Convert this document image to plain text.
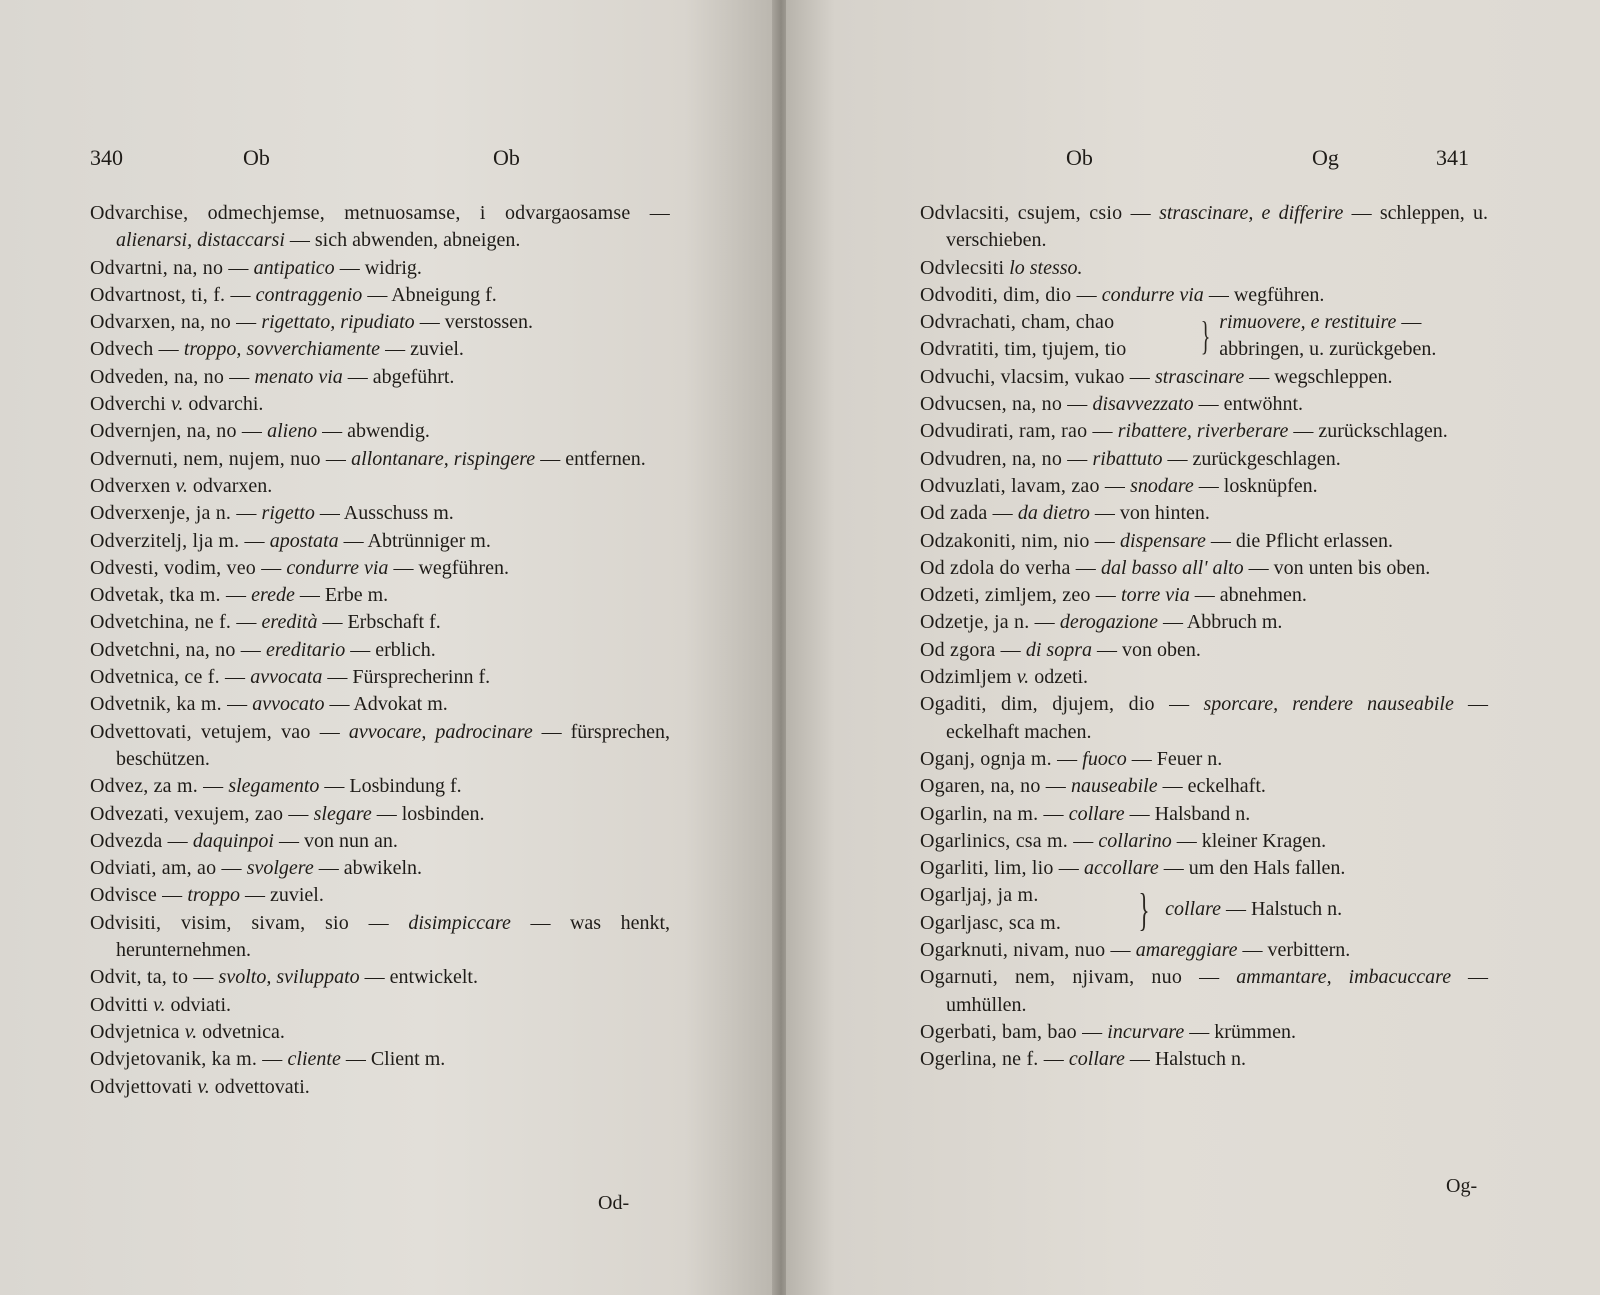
340	Ob	Ob

Odvarchise, odmechjemse, metnuosamse, i odvargaosamse — alienarsi, distaccarsi — sich abwenden, abneigen.

Odvartni, na, no — antipatico — widrig.

Odvartnost, ti, f. — contraggenio — Abneigung f.

Odvarxen, na, no — rigettato, ripudiato — verstossen.

Odvech — troppo, sovverchiamente — zuviel.

Odveden, na, no — menato via — abgeführt.

Odverchi v. odvarchi.

Odvernjen, na, no — alieno — abwendig.

Odvernuti, nem, nujem, nuo — allontanare, rispingere — entfernen.

Odverxen v. odvarxen.

Odverxenje, ja n. — rigetto — Ausschuss m.

Odverzitelj, lja m. — apostata — Abtrünniger m.

Odvesti, vodim, veo — condurre via — wegführen.

Odvetak, tka m. — erede — Erbe m.

Odvetchina, ne f. — eredità — Erbschaft f.

Odvetchni, na, no — ereditario — erblich.

Odvetnica, ce f. — avvocata — Fürsprecherinn f.

Odvetnik, ka m. — avvocato — Advokat m.

Odvettovati, vetujem, vao — avvocare, padrocinare — fürsprechen, beschützen.

Odvez, za m. — slegamento — Losbindung f.

Odvezati, vexujem, zao — slegare — losbinden.

Odvezda — daquinpoi — von nun an.

Odviati, am, ao — svolgere — abwikeln.

Odvisce — troppo — zuviel.

Odvisiti, visim, sivam, sio — disimpiccare — was henkt, herunternehmen.

Odvit, ta, to — svolto, sviluppato — entwickelt.

Odvitti v. odviati.

Odvjetnica v. odvetnica.

Odvjetovanik, ka m. — cliente — Client m.

Odvjettovati v. odvettovati.

Od-
Ob	Og	341

Odvlacsiti, csujem, csio — strascinare, e differire — schleppen, u. verschieben.

Odvlecsiti lo stesso.

Odvoditi, dim, dio — condurre via — wegführen.

Odvrachati, cham, chao
Odvratiti, tim, tjujem, tio	} rimuovere, e restituire — abbringen, u. zurückgeben.

Odvuchi, vlacsim, vukao — strascinare — wegschleppen.

Odvucsen, na, no — disavvezzato — entwöhnt.

Odvudirati, ram, rao — ribattere, riverberare — zurückschlagen.

Odvudren, na, no — ribattuto — zurückgeschlagen.

Odvuzlati, lavam, zao — snodare — losknüpfen.

Od zada — da dietro — von hinten.

Odzakoniti, nim, nio — dispensare — die Pflicht erlassen.

Od zdola do verha — dal basso all' alto — von unten bis oben.

Odzeti, zimljem, zeo — torre via — abnehmen.

Odzetje, ja n. — derogazione — Abbruch m.

Od zgora — di sopra — von oben.

Odzimljem v. odzeti.

Ogaditi, dim, djujem, dio — sporcare, rendere nauseabile — eckelhaft machen.

Oganj, ognja m. — fuoco — Feuer n.

Ogaren, na, no — nauseabile — eckelhaft.

Ogarlin, na m. — collare — Halsband n.

Ogarlinics, csa m. — collarino — kleiner Kragen.

Ogarliti, lim, lio — accollare — um den Hals fallen.

Ogarljaj, ja m.
Ogarljasc, sca m.	} collare — Halstuch n.

Ogarknuti, nivam, nuo — amareggiare — verbittern.

Ogarnuti, nem, njivam, nuo — ammantare, imbacuccare — umhüllen.

Ogerbati, bam, bao — incurvare — krümmen.

Ogerlina, ne f. — collare — Halstuch n.

Og-
